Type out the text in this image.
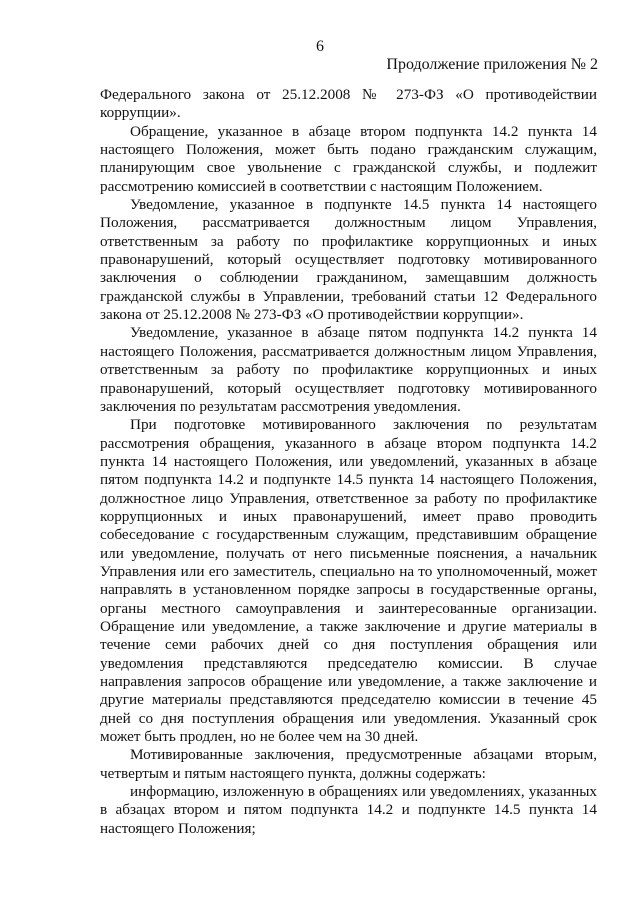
6
Продолжение приложения № 2

Федерального закона от 25.12.2008 № 273-ФЗ «О противодействии коррупции».

Обращение, указанное в абзаце втором подпункта 14.2 пункта 14 настоящего Положения, может быть подано гражданским служащим, планирующим свое увольнение с гражданской службы, и подлежит рассмотрению комиссией в соответствии с настоящим Положением.

Уведомление, указанное в подпункте 14.5 пункта 14 настоящего Положения, рассматривается должностным лицом Управления, ответственным за работу по профилактике коррупционных и иных правонарушений, который осуществляет подготовку мотивированного заключения о соблюдении гражданином, замещавшим должность гражданской службы в Управлении, требований статьи 12 Федерального закона от 25.12.2008 № 273-ФЗ «О противодействии коррупции».

Уведомление, указанное в абзаце пятом подпункта 14.2 пункта 14 настоящего Положения, рассматривается должностным лицом Управления, ответственным за работу по профилактике коррупционных и иных правонарушений, который осуществляет подготовку мотивированного заключения по результатам рассмотрения уведомления.

При подготовке мотивированного заключения по результатам рассмотрения обращения, указанного в абзаце втором подпункта 14.2 пункта 14 настоящего Положения, или уведомлений, указанных в абзаце пятом подпункта 14.2 и подпункте 14.5 пункта 14 настоящего Положения, должностное лицо Управления, ответственное за работу по профилактике коррупционных и иных правонарушений, имеет право проводить собеседование с государственным служащим, представившим обращение или уведомление, получать от него письменные пояснения, а начальник Управления или его заместитель, специально на то уполномоченный, может направлять в установленном порядке запросы в государственные органы, органы местного самоуправления и заинтересованные организации. Обращение или уведомление, а также заключение и другие материалы в течение семи рабочих дней со дня поступления обращения или уведомления представляются председателю комиссии. В случае направления запросов обращение или уведомление, а также заключение и другие материалы представляются председателю комиссии в течение 45 дней со дня поступления обращения или уведомления. Указанный срок может быть продлен, но не более чем на 30 дней.

Мотивированные заключения, предусмотренные абзацами вторым, четвертым и пятым настоящего пункта, должны содержать:

информацию, изложенную в обращениях или уведомлениях, указанных в абзацах втором и пятом подпункта 14.2 и подпункте 14.5 пункта 14 настоящего Положения;
